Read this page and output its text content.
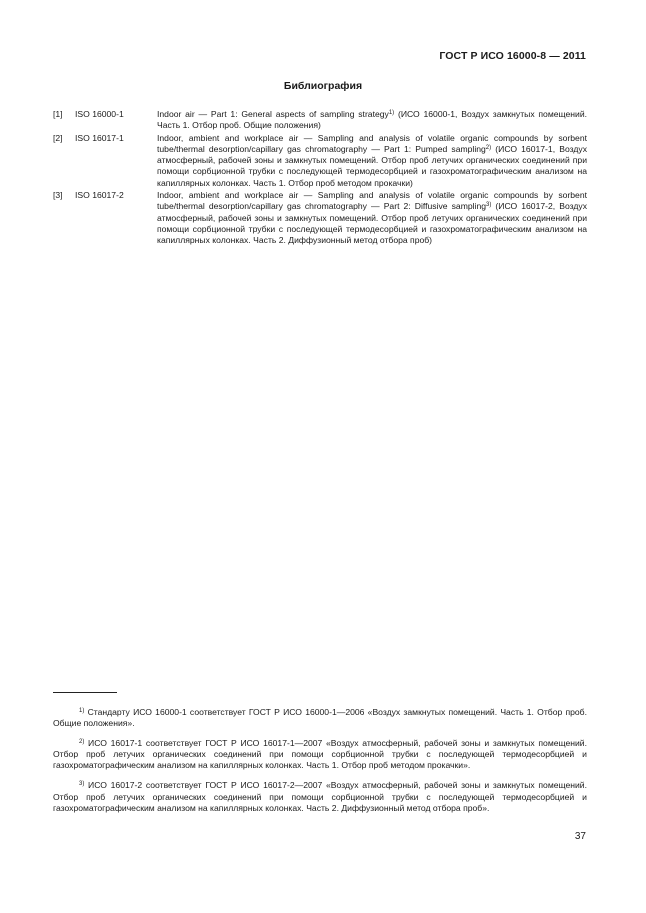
ГОСТ Р ИСО 16000-8 — 2011
Библиография
[1]	ISO 16000-1	Indoor air — Part 1: General aspects of sampling strategy$^{1)}$ (ИСО 16000-1, Воздух замкнутых помещений. Часть 1. Отбор проб. Общие положения)
[2]	ISO 16017-1	Indoor, ambient and workplace air — Sampling and analysis of volatile organic compounds by sorbent tube/thermal desorption/capillary gas chromatography — Part 1: Pumped sampling$^{2)}$ (ИСО 16017-1, Воздух атмосферный, рабочей зоны и замкнутых помещений. Отбор проб летучих органических соединений при помощи сорбционной трубки с последующей термодесорбцией и газохроматографическим анализом на капиллярных колонках. Часть 1. Отбор проб методом прокачки)
[3]	ISO 16017-2	Indoor, ambient and workplace air — Sampling and analysis of volatile organic compounds by sorbent tube/thermal desorption/capillary gas chromatography — Part 2: Diffusive sampling$^{3)}$ (ИСО 16017-2, Воздух атмосферный, рабочей зоны и замкнутых помещений. Отбор проб летучих органических соединений при помощи сорбционной трубки с последующей термодесорбцией и газохроматографическим анализом на капиллярных колонках. Часть 2. Диффузионный метод отбора проб)

$^{1)}$ Стандарту ИСО 16000-1 соответствует ГОСТ Р ИСО 16000-1—2006 «Воздух замкнутых помещений. Часть 1. Отбор проб. Общие положения».

$^{2)}$ ИСО 16017-1 соответствует ГОСТ Р ИСО 16017-1—2007 «Воздух атмосферный, рабочей зоны и замкнутых помещений. Отбор проб летучих органических соединений при помощи сорбционной трубки с последующей термодесорбцией и газохроматографическим анализом на капиллярных колонках. Часть 1. Отбор проб методом прокачки».

$^{3)}$ ИСО 16017-2 соответствует ГОСТ Р ИСО 16017-2—2007 «Воздух атмосферный, рабочей зоны и замкнутых помещений. Отбор проб летучих органических соединений при помощи сорбционной трубки с последующей термодесорбцией и газохроматографическим анализом на капиллярных колонках. Часть 2. Диффузионный метод отбора проб».

37
